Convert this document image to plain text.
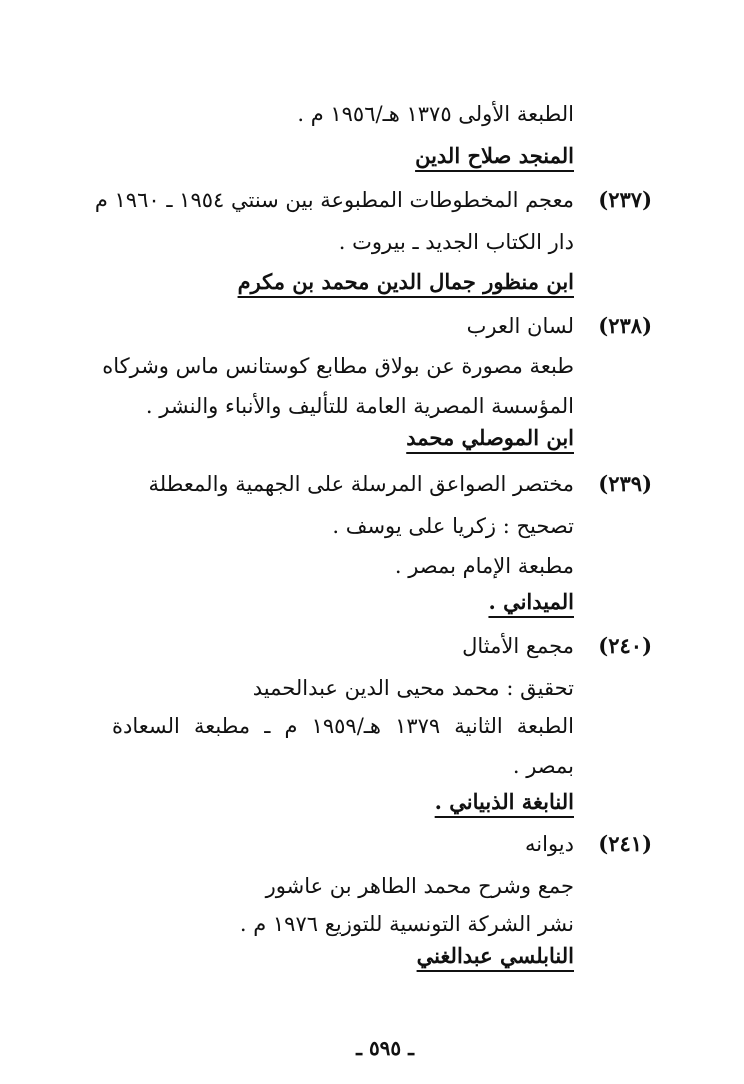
الطبعة الأولى ١٣٧٥ هـ/١٩٥٦ م .
المنجد صلاح الدين
(٢٣٧)
معجم المخطوطات المطبوعة بين سنتي ١٩٥٤ ـ ١٩٦٠ م
دار الكتاب الجديد ـ بيروت .
ابن منظور جمال الدين محمد بن مكرم
(٢٣٨)
لسان العرب
طبعة مصورة عن بولاق مطابع كوستانس ماس وشركاه
المؤسسة المصرية العامة للتأليف والأنباء والنشر .
ابن الموصلي محمد
(٢٣٩)
مختصر الصواعق المرسلة على الجهمية والمعطلة
تصحيح : زكريا على يوسف .
مطبعة الإمام بمصر .
الميداني .
(٢٤٠)
مجمع الأمثال
تحقيق : محمد محيى الدين عبدالحميد
الطبعة الثانية ١٣٧٩ هـ/١٩٥٩ م ـ مطبعة السعادة
بمصر .
النابغة الذبياني .
(٢٤١)
ديوانه
جمع وشرح محمد الطاهر بن عاشور
نشر الشركة التونسية للتوزيع ١٩٧٦ م .
النابلسي عبدالغني
ـ ٥٩٥ ـ
